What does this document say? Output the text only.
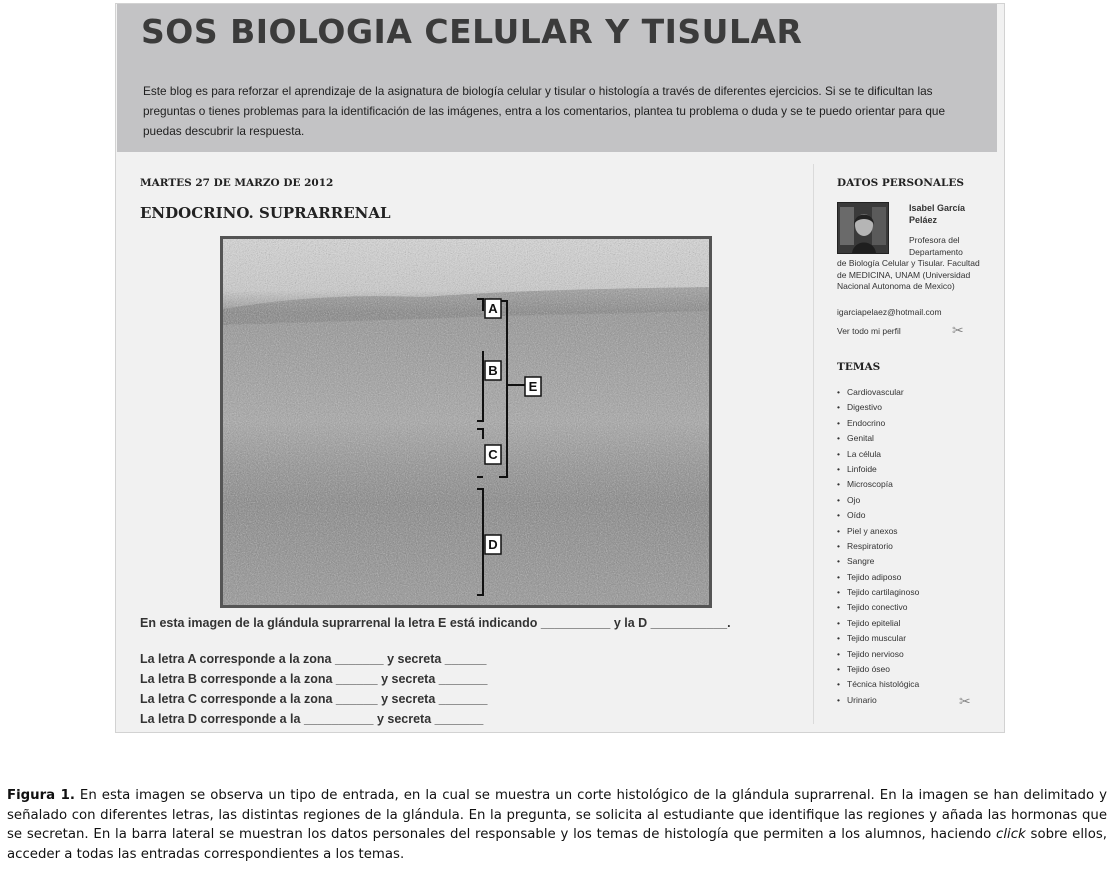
SOS BIOLOGIA CELULAR Y TISULAR

Este blog es para reforzar el aprendizaje de la asignatura de biología celular y tisular o histología a través de diferentes ejercicios. Si se te dificultan las preguntas o tienes problemas para la identificación de las imágenes, entra a los comentarios, plantea tu problema o duda y se te puedo orientar para que puedas descubrir la respuesta.

MARTES 27 DE MARZO DE 2012

ENDOCRINO. SUPRARRENAL
A
B
C
D
E

En esta imagen de la glándula suprarrenal la letra E está indicando __________ y la D ___________.

La letra A corresponde a la zona _______ y secreta ______
La letra B corresponde a la zona ______ y secreta _______
La letra C corresponde a la zona ______ y secreta _______
La letra D corresponde a la __________ y secreta _______
DATOS PERSONALES

Isabel García Peláez

Profesora del Departamento

de Biología Celular y Tisular. Facultad de MEDICINA, UNAM (Universidad Nacional Autonoma de Mexico)

igarciapelaez@hotmail.com

Ver todo mi perfil	✂
TEMAS
• Cardiovascular
• Digestivo
• Endocrino
• Genital
• La célula
• Linfoide
• Microscopía
• Ojo
• Oído
• Piel y anexos
• Respiratorio
• Sangre
• Tejido adiposo
• Tejido cartilaginoso
• Tejido conectivo
• Tejido epitelial
• Tejido muscular
• Tejido nervioso
• Tejido óseo
• Técnica histológica
• Urinario	✂

Figura 1. En esta imagen se observa un tipo de entrada, en la cual se muestra un corte histológico de la glándula suprarrenal. En la imagen se han delimitado y señalado con diferentes letras, las distintas regiones de la glándula. En la pregunta, se solicita al estudiante que identifique las regiones y añada las hormonas que se secretan. En la barra lateral se muestran los datos personales del responsable y los temas de histología que permiten a los alumnos, haciendo click sobre ellos, acceder a todas las entradas correspondientes a los temas.
